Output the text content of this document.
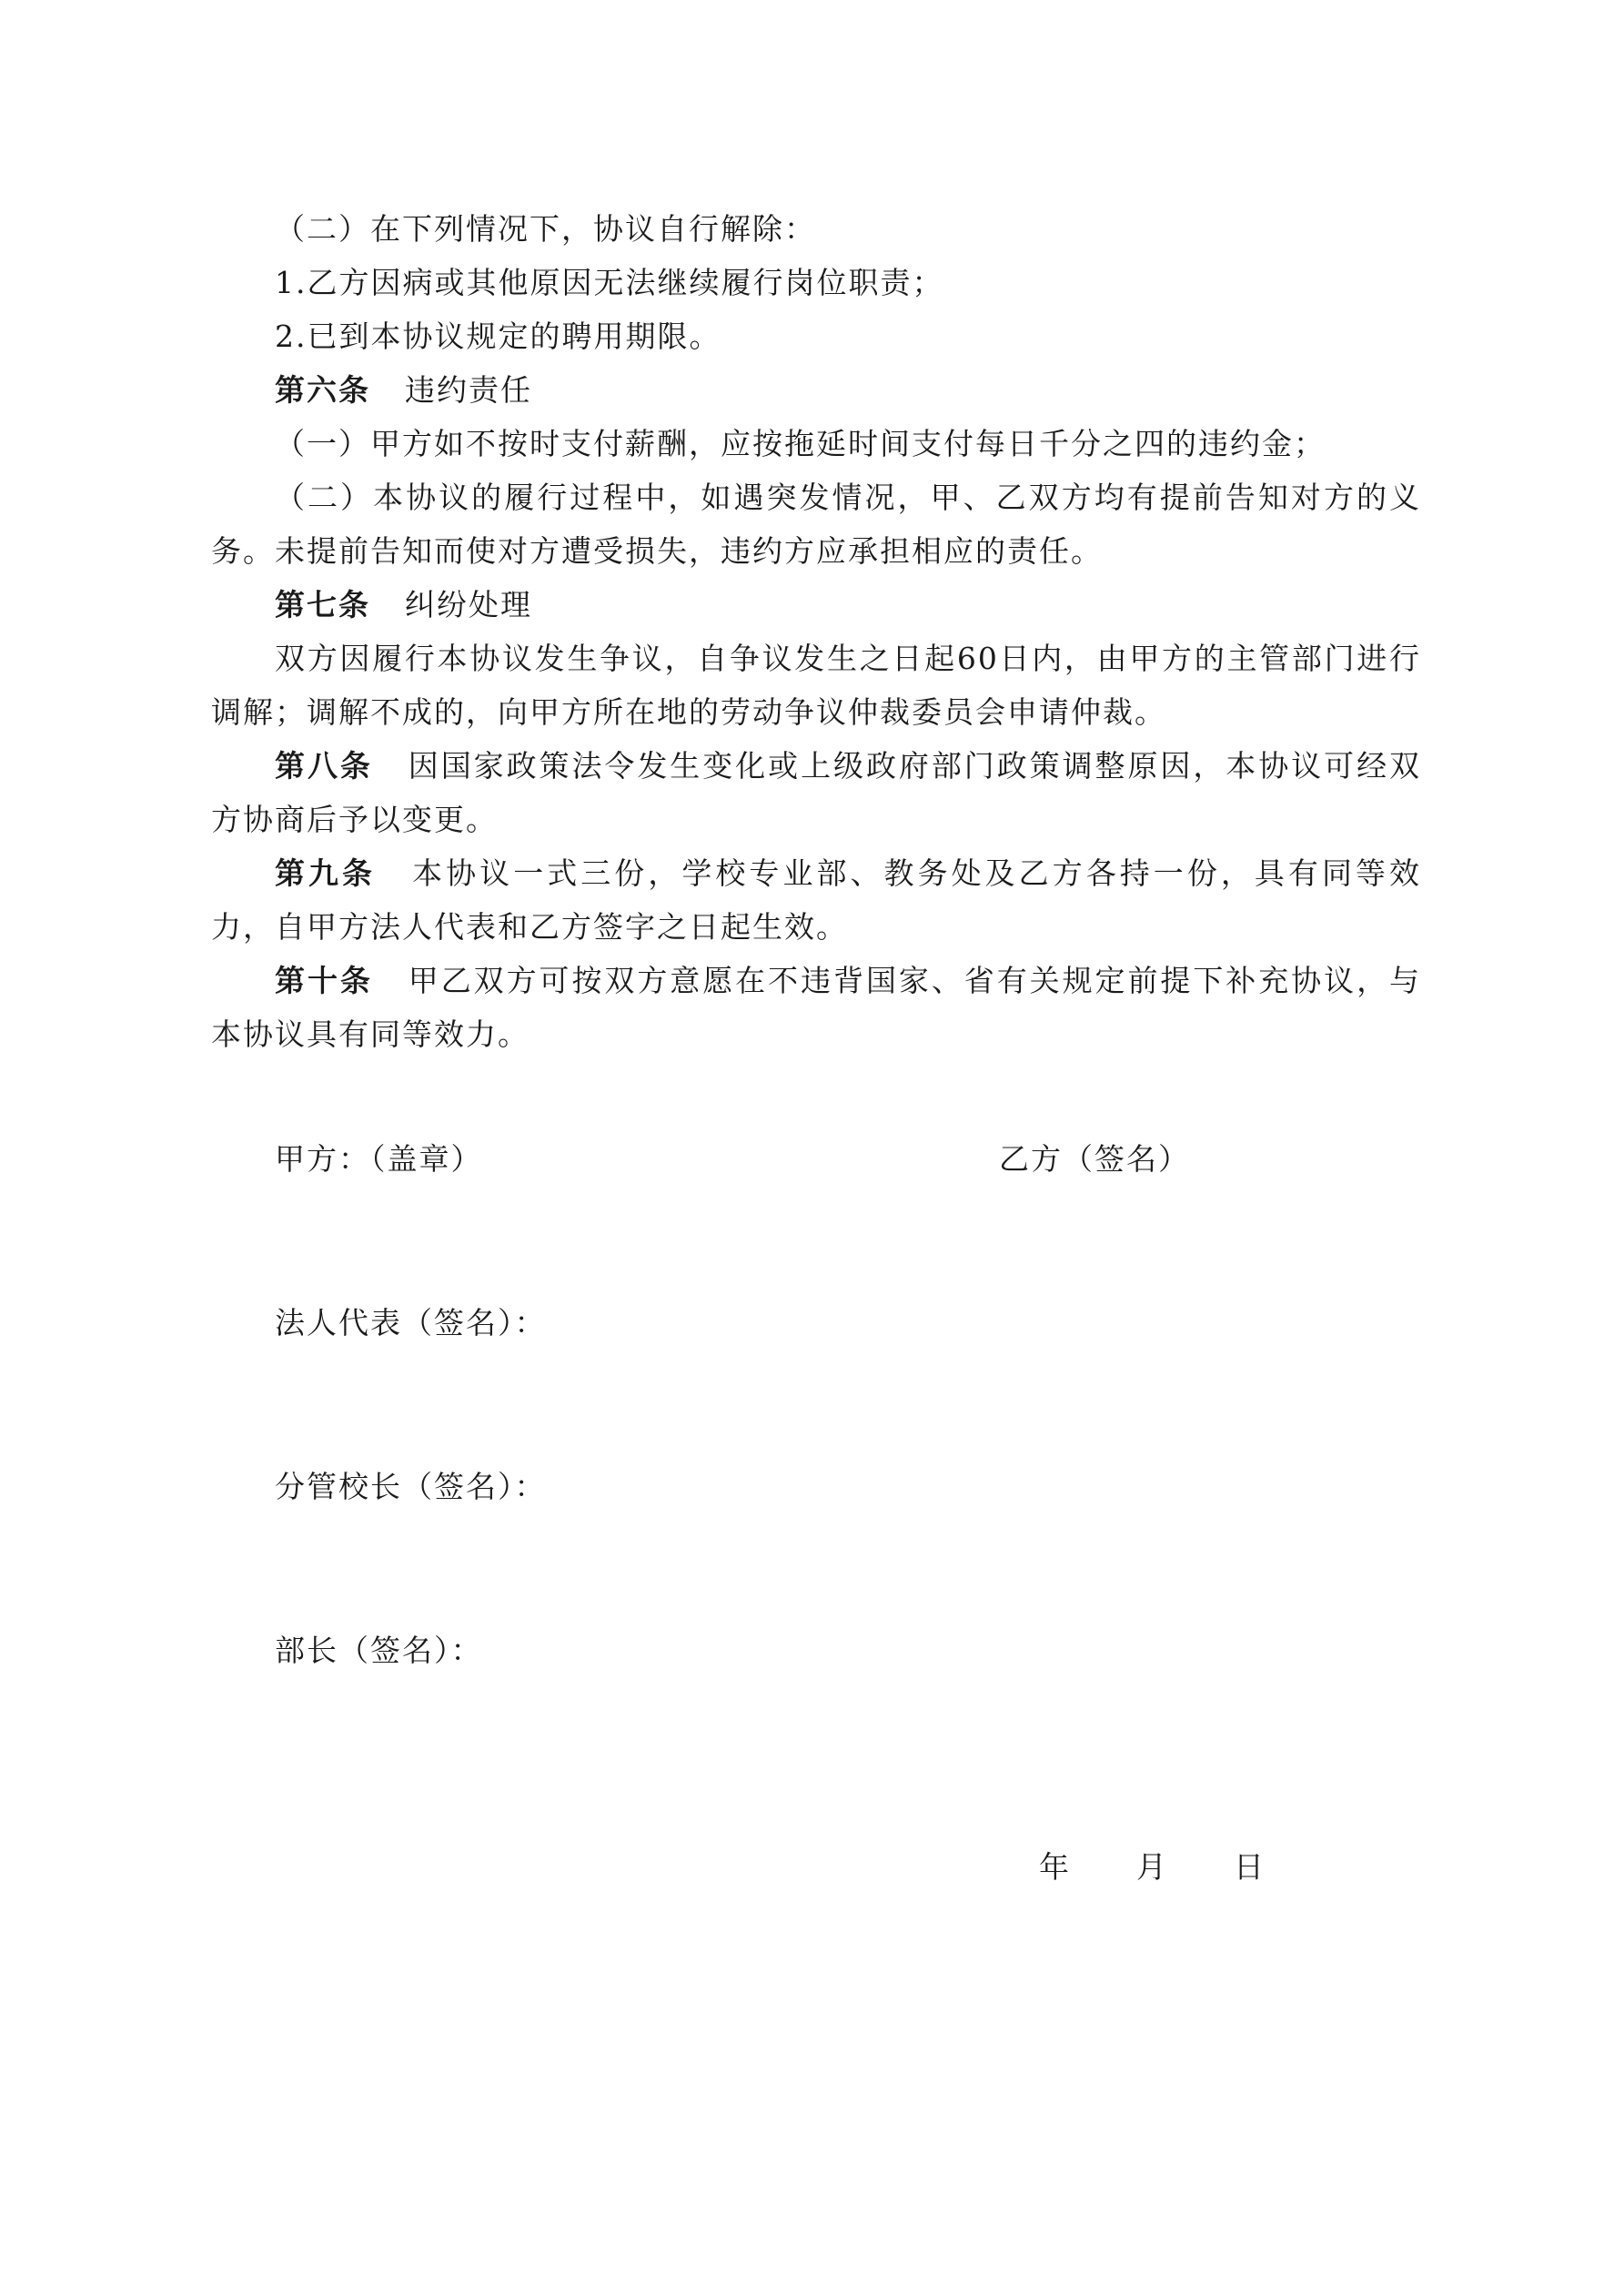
（二）在下列情况下，协议自行解除：

1.乙方因病或其他原因无法继续履行岗位职责；

2.已到本协议规定的聘用期限。

第六条 违约责任

（一）甲方如不按时支付薪酬，应按拖延时间支付每日千分之四的违约金；

（二）本协议的履行过程中，如遇突发情况，甲、乙双方均有提前告知对方的义务。未提前告知而使对方遭受损失，违约方应承担相应的责任。

第七条 纠纷处理

双方因履行本协议发生争议，自争议发生之日起60日内，由甲方的主管部门进行调解；调解不成的，向甲方所在地的劳动争议仲裁委员会申请仲裁。

第八条 因国家政策法令发生变化或上级政府部门政策调整原因，本协议可经双方协商后予以变更。

第九条 本协议一式三份，学校专业部、教务处及乙方各持一份，具有同等效力，自甲方法人代表和乙方签字之日起生效。

第十条 甲乙双方可按双方意愿在不违背国家、省有关规定前提下补充协议，与本协议具有同等效力。

甲方：（盖章）	乙方（签名）
法人代表（签名）：
分管校长（签名）：
部长（签名）：
年 月 日
